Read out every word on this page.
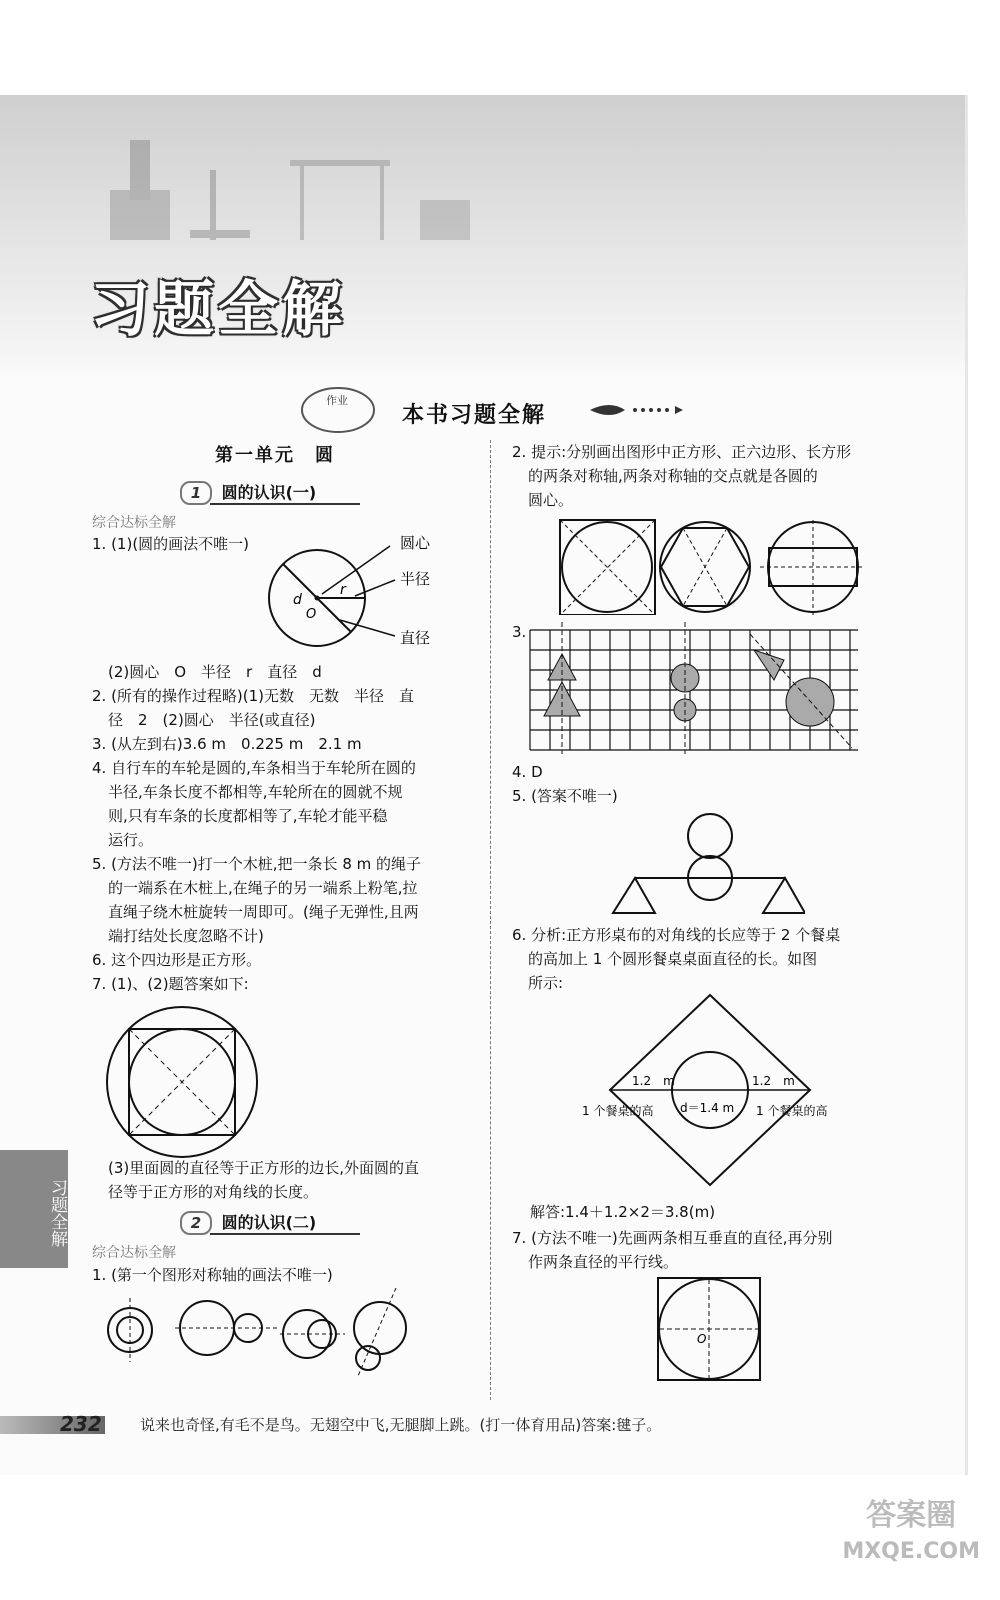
习题全解
作业
本书习题全解
第一单元　圆
1 圆的认识(一)
综合达标全解

1. (1)(圆的画法不唯一)	圆心
半径
直径
d
r
O

(2)圆心　O　半径　r　直径　d

2. (所有的操作过程略)(1)无数　无数　半径　直

径　2　(2)圆心　半径(或直径)

3. (从左到右)3.6 m　0.225 m　2.1 m

4. 自行车的车轮是圆的,车条相当于车轮所在圆的

半径,车条长度不都相等,车轮所在的圆就不规

则,只有车条的长度都相等了,车轮才能平稳

运行。

5. (方法不唯一)打一个木桩,把一条长 8 m 的绳子

的一端系在木桩上,在绳子的另一端系上粉笔,拉

直绳子绕木桩旋转一周即可。(绳子无弹性,且两

端打结处长度忽略不计)

6. 这个四边形是正方形。

7. (1)、(2)题答案如下:

(3)里面圆的直径等于正方形的边长,外面圆的直

径等于正方形的对角线的长度。

2 圆的认识(二)
综合达标全解

1. (第一个图形对称轴的画法不唯一)

2. 提示:分别画出图形中正方形、正六边形、长方形

的两条对称轴,两条对称轴的交点就是各圆的

圆心。

3.

4. D

5. (答案不唯一)

6. 分析:正方形桌布的对角线的长应等于 2 个餐桌

的高加上 1 个圆形餐桌桌面直径的长。如图

所示:

1.2　m	1.2　m
1 个餐桌的高 d＝1.4 m 1 个餐桌的高

解答:1.4＋1.2×2＝3.8(m)

7. (方法不唯一)先画两条相互垂直的直径,再分别

作两条直径的平行线。

O
习题全解
232	说来也奇怪,有毛不是鸟。无翅空中飞,无腿脚上跳。(打一体育用品)答案:毽子。
答案圈
MXQE.COM
